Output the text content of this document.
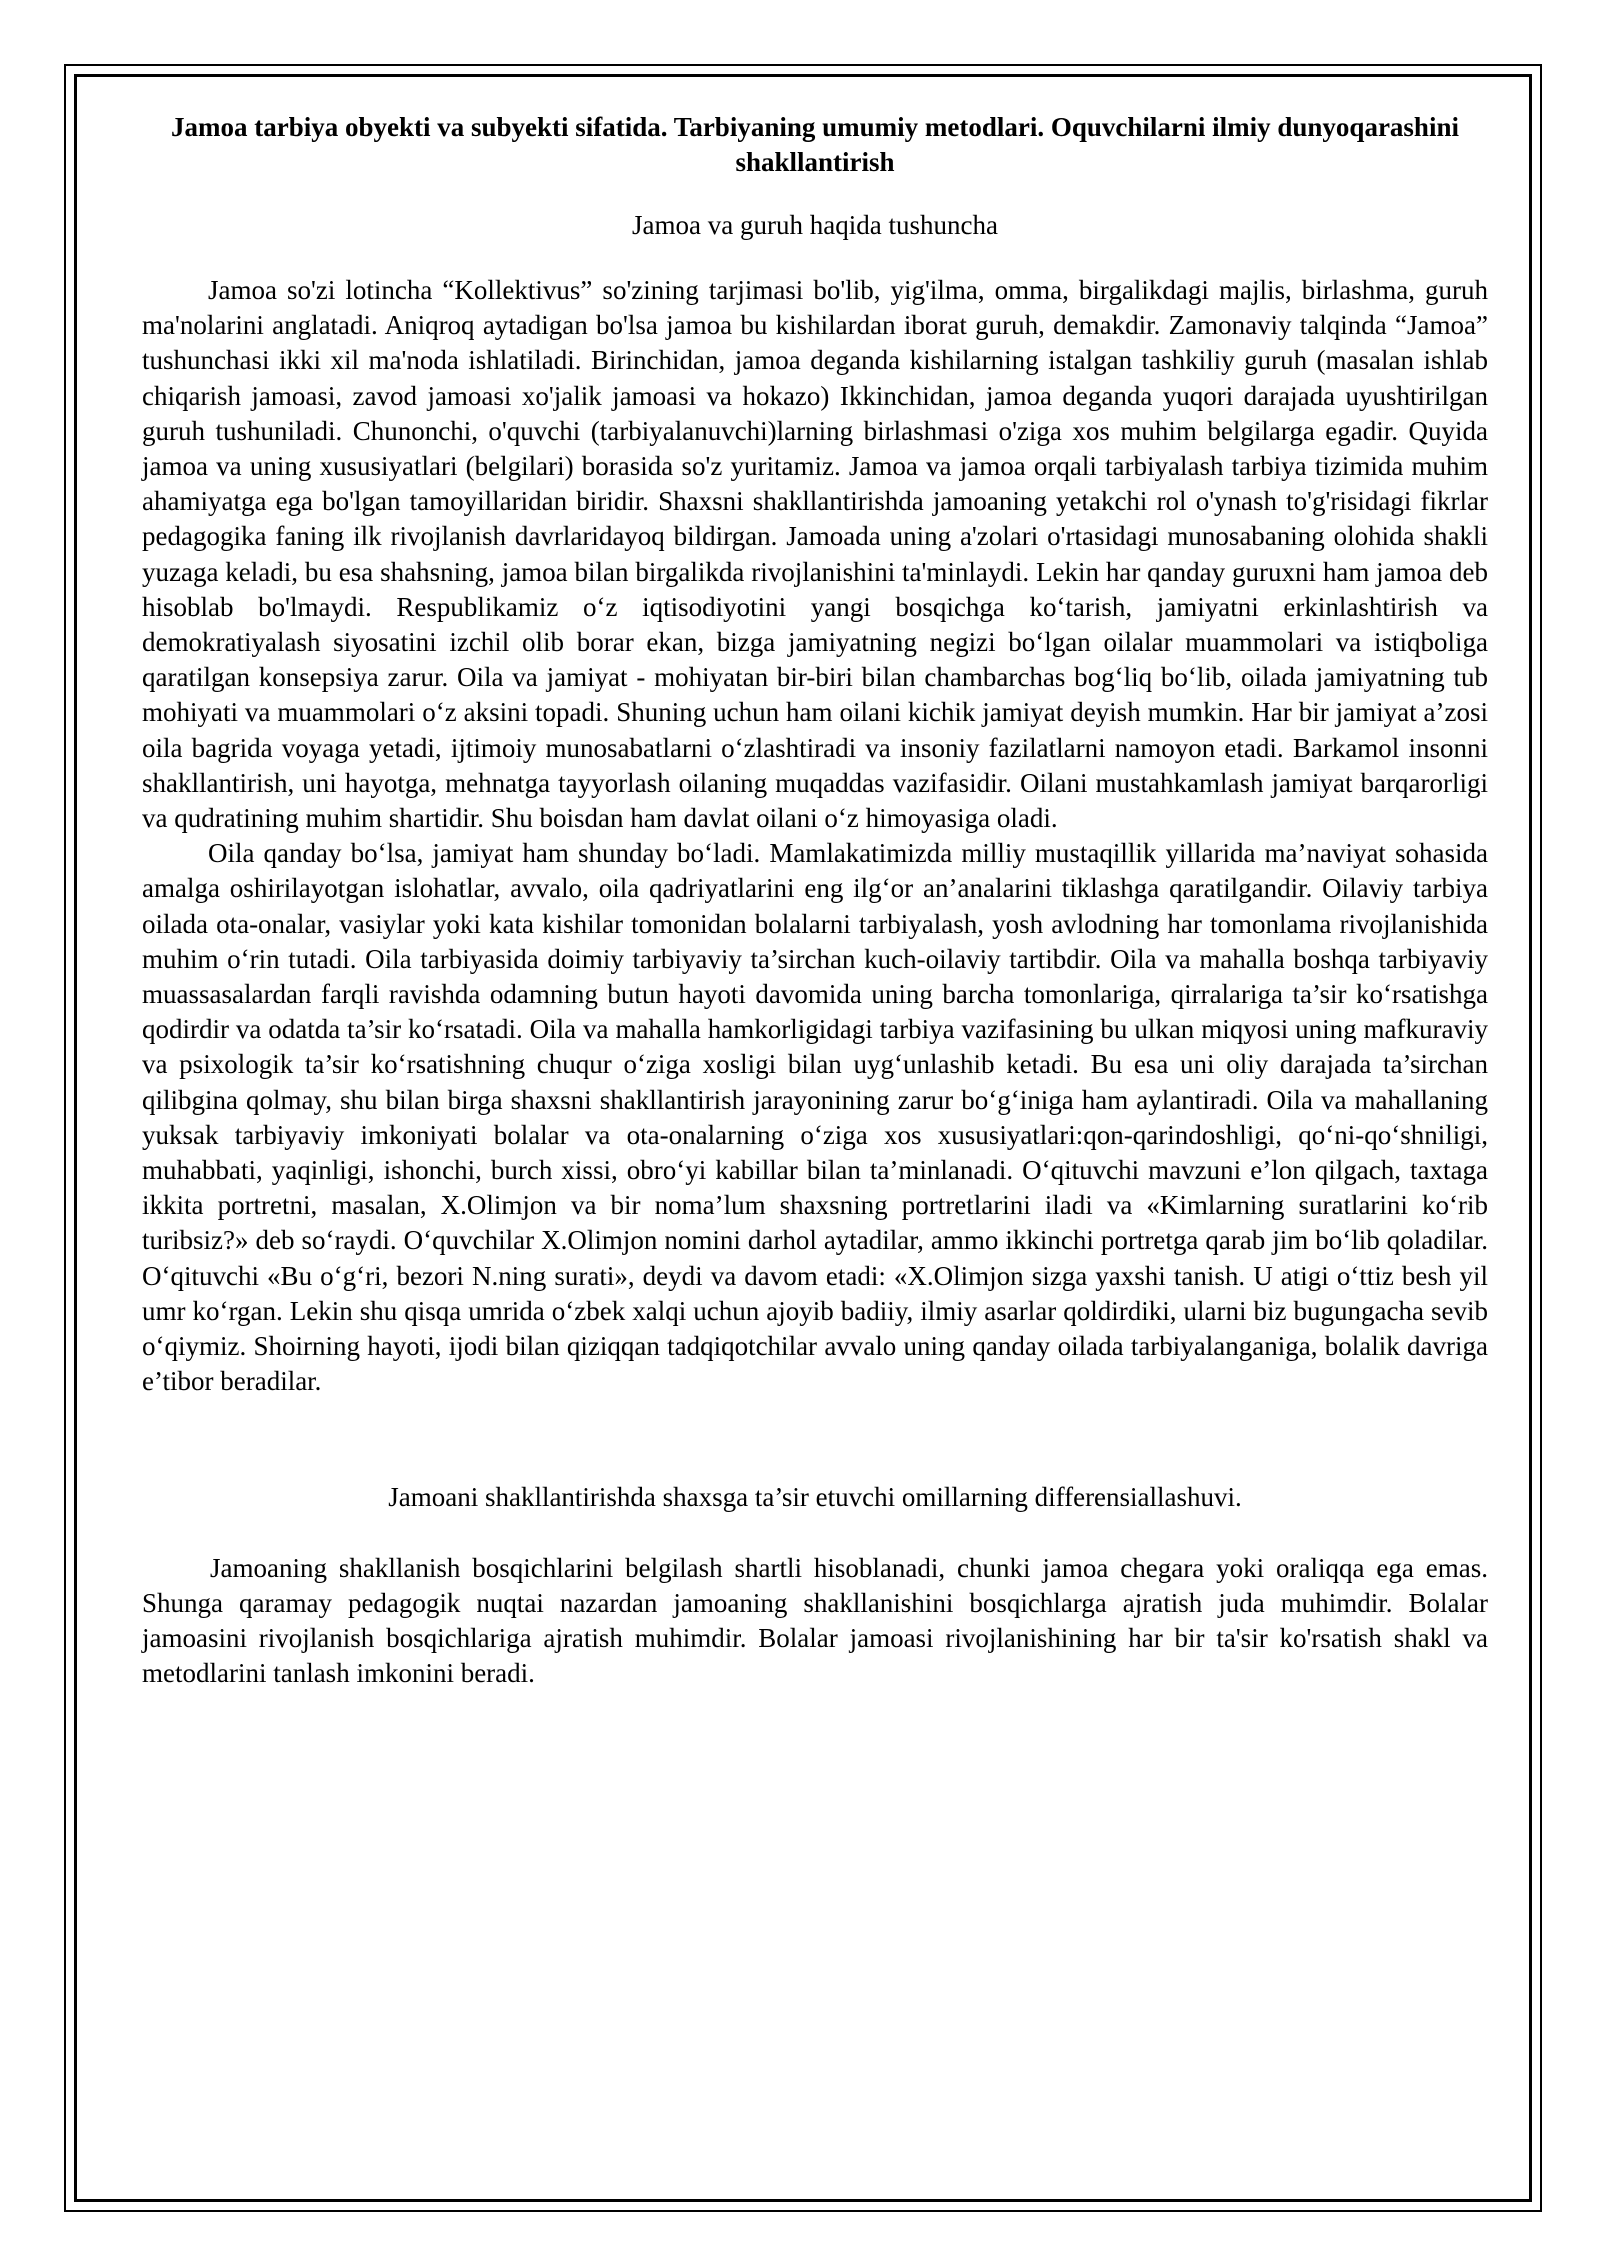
Jamoa tarbiya obyekti va subyekti sifatida. Tarbiyaning umumiy metodlari. Oquvchilarni ilmiy dunyoqarashini shakllantirish
Jamoa va guruh haqida tushuncha

Jamoa so'zi lotincha “Kollektivus” so'zining tarjimasi bo'lib, yig'ilma, omma, birgalikdagi majlis, birlashma, guruh ma'nolarini anglatadi. Aniqroq aytadigan bo'lsa jamoa bu kishilardan iborat guruh, demakdir. Zamonaviy talqinda “Jamoa” tushunchasi ikki xil ma'noda ishlatiladi. Birinchidan, jamoa deganda kishilarning istalgan tashkiliy guruh (masalan ishlab chiqarish jamoasi, zavod jamoasi xo'jalik jamoasi va hokazo) Ikkinchidan, jamoa deganda yuqori darajada uyushtirilgan guruh tushuniladi. Chunonchi, o'quvchi (tarbiyalanuvchi)larning birlashmasi o'ziga xos muhim belgilarga egadir. Quyida jamoa va uning xususiyatlari (belgilari) borasida so'z yuritamiz. Jamoa va jamoa orqali tarbiyalash tarbiya tizimida muhim ahamiyatga ega bo'lgan tamoyillaridan biridir. Shaxsni shakllantirishda jamoaning yetakchi rol o'ynash to'g'risidagi fikrlar pedagogika faning ilk rivojlanish davrlaridayoq bildirgan. Jamoada uning a'zolari o'rtasidagi munosabaning olohida shakli yuzaga keladi, bu esa shahsning, jamoa bilan birgalikda rivojlanishini ta'minlaydi. Lekin har qanday guruxni ham jamoa deb hisoblab bo'lmaydi. Respublikamiz o‘z iqtisodiyotini yangi bosqichga ko‘tarish, jamiyatni erkinlashtirish va demokratiyalash siyosatini izchil olib borar ekan, bizga jamiyatning negizi bo‘lgan oilalar muammolari va istiqboliga qaratilgan konsepsiya zarur. Oila va jamiyat - mohiyatan bir-biri bilan chambarchas bog‘liq bo‘lib, oilada jamiyatning tub mohiyati va muammolari o‘z aksini topadi. Shuning uchun ham oilani kichik jamiyat deyish mumkin. Har bir jamiyat a’zosi oila bagrida voyaga yetadi, ijtimoiy munosabatlarni o‘zlashtiradi va insoniy fazilatlarni namoyon etadi. Barkamol insonni shakllantirish, uni hayotga, mehnatga tayyorlash oilaning muqaddas vazifasidir. Oilani mustahkamlash jamiyat barqarorligi va qudratining muhim shartidir. Shu boisdan ham davlat oilani o‘z himoyasiga oladi.

Oila qanday bo‘lsa, jamiyat ham shunday bo‘ladi. Mamlakatimizda milliy mustaqillik yillarida ma’naviyat sohasida amalga oshirilayotgan islohatlar, avvalo, oila qadriyatlarini eng ilg‘or an’analarini tiklashga qaratilgandir. Oilaviy tarbiya oilada ota-onalar, vasiylar yoki kata kishilar tomonidan bolalarni tarbiyalash, yosh avlodning har tomonlama rivojlanishida muhim o‘rin tutadi. Oila tarbiyasida doimiy tarbiyaviy ta’sirchan kuch-oilaviy tartibdir. Oila va mahalla boshqa tarbiyaviy muassasalardan farqli ravishda odamning butun hayoti davomida uning barcha tomonlariga, qirralariga ta’sir ko‘rsatishga qodirdir va odatda ta’sir ko‘rsatadi. Oila va mahalla hamkorligidagi tarbiya vazifasining bu ulkan miqyosi uning mafkuraviy va psixologik ta’sir ko‘rsatishning chuqur o‘ziga xosligi bilan uyg‘unlashib ketadi. Bu esa uni oliy darajada ta’sirchan qilibgina qolmay, shu bilan birga shaxsni shakllantirish jarayonining zarur bo‘g‘iniga ham aylantiradi. Oila va mahallaning yuksak tarbiyaviy imkoniyati bolalar va ota-onalarning o‘ziga xos xususiyatlari:qon-qarindoshligi, qo‘ni-qo‘shniligi, muhabbati, yaqinligi, ishonchi, burch xissi, obro‘yi kabillar bilan ta’minlanadi. O‘qituvchi mavzuni e’lon qilgach, taxtaga ikkita portretni, masalan, X.Olimjon va bir noma’lum shaxsning portretlarini iladi va «Kimlarning suratlarini ko‘rib turibsiz?» deb so‘raydi. O‘quvchilar X.Olimjon nomini darhol aytadilar, ammo ikkinchi portretga qarab jim bo‘lib qoladilar. O‘qituvchi «Bu o‘g‘ri, bezori N.ning surati», deydi va davom etadi: «X.Olimjon sizga yaxshi tanish. U atigi o‘ttiz besh yil umr ko‘rgan. Lekin shu qisqa umrida o‘zbek xalqi uchun ajoyib badiiy, ilmiy asarlar qoldirdiki, ularni biz bugungacha sevib o‘qiymiz. Shoirning hayoti, ijodi bilan qiziqqan tadqiqotchilar avvalo uning qanday oilada tarbiyalanganiga, bolalik davriga e’tibor beradilar.

Jamoani shakllantirishda shaxsga ta’sir etuvchi omillarning differensiallashuvi.

Jamoaning shakllanish bosqichlarini belgilash shartli hisoblanadi, chunki jamoa chegara yoki oraliqqa ega emas. Shunga qaramay pedagogik nuqtai nazardan jamoaning shakllanishini bosqichlarga ajratish juda muhimdir. Bolalar jamoasini rivojlanish bosqichlariga ajratish muhimdir. Bolalar jamoasi rivojlanishining har bir ta'sir ko'rsatish shakl va metodlarini tanlash imkonini beradi.
